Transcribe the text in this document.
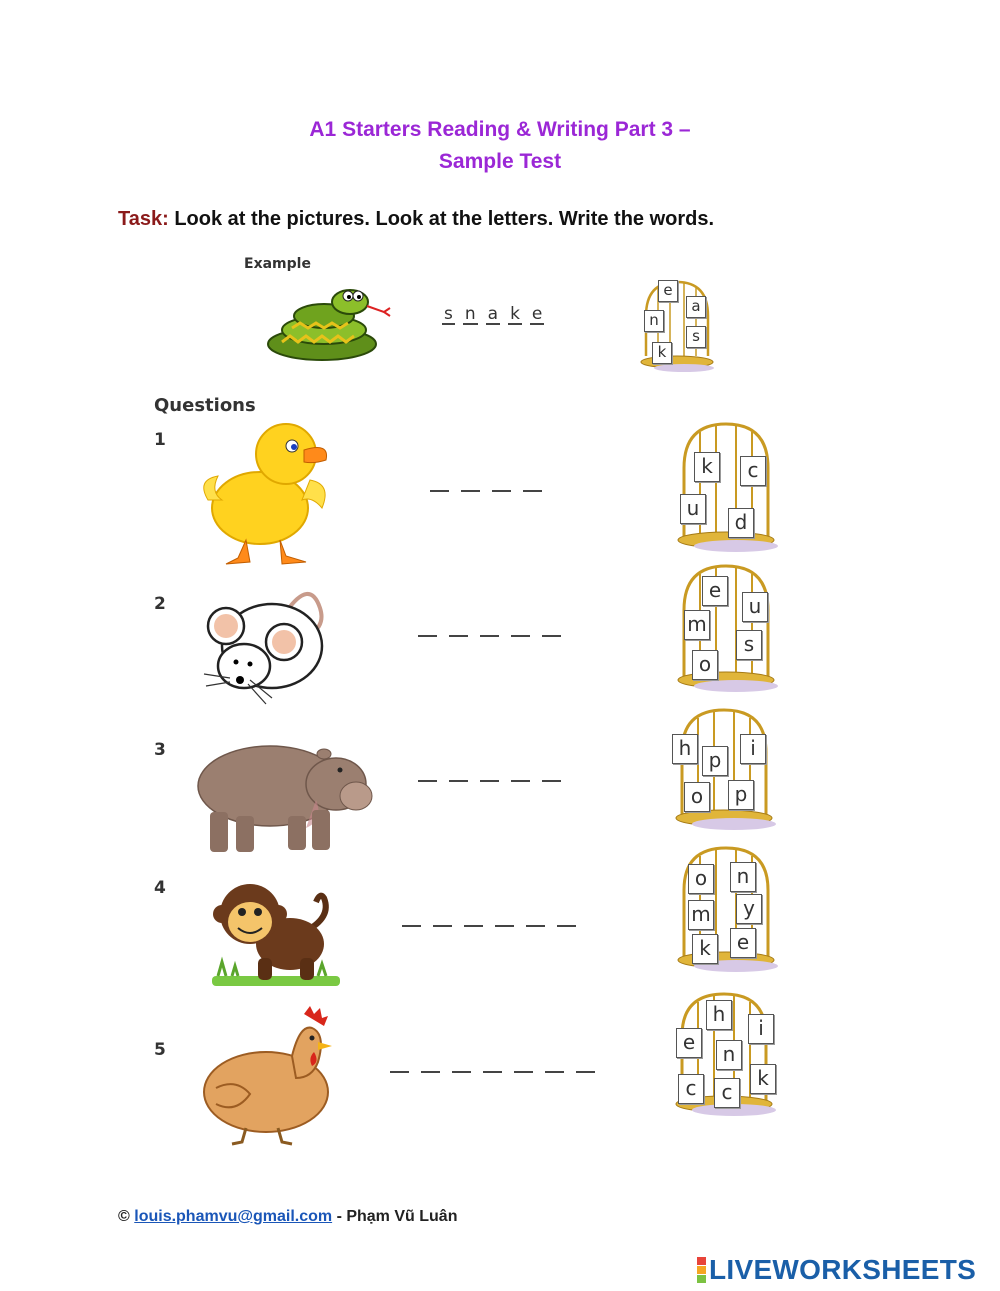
A1 Starters Reading & Writing Part 3 –
Sample Test
Task: Look at the pictures. Look at the letters. Write the words.
Example
s n a k e
e
a
n
s
k
Questions
1
k	c
u
d
2
e
u
m
s
o
3	h	i
p
o	p
4	o	n
m	y
k	e
5
h
i
e	n
c	c
k
© louis.phamvu@gmail.com - Phạm Vũ Luân
LIVEWORKSHEETS
